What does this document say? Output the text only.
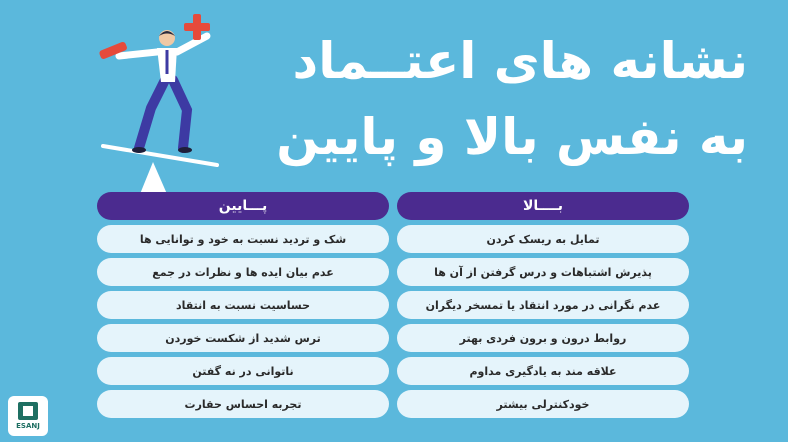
نشانه های اعتــماد
به نفس بالا و پایین
بــــالا
تمایل به ریسک کردن
پذیرش اشتباهات و درس گرفتن از آن ها
عدم نگرانی در مورد انتقاد یا تمسخر دیگران
روابط درون و برون فردی بهتر
علاقه مند به یادگیری مداوم
خودکنترلی بیشتر
پـــایین
شک و تردید نسبت به خود و توانایی ها
عدم بیان ایده ها و نظرات در جمع
حساسیت نسبت به انتقاد
ترس شدید از شکست خوردن
ناتوانی در نه گفتن
تجربه احساس حقارت
ESANJ
